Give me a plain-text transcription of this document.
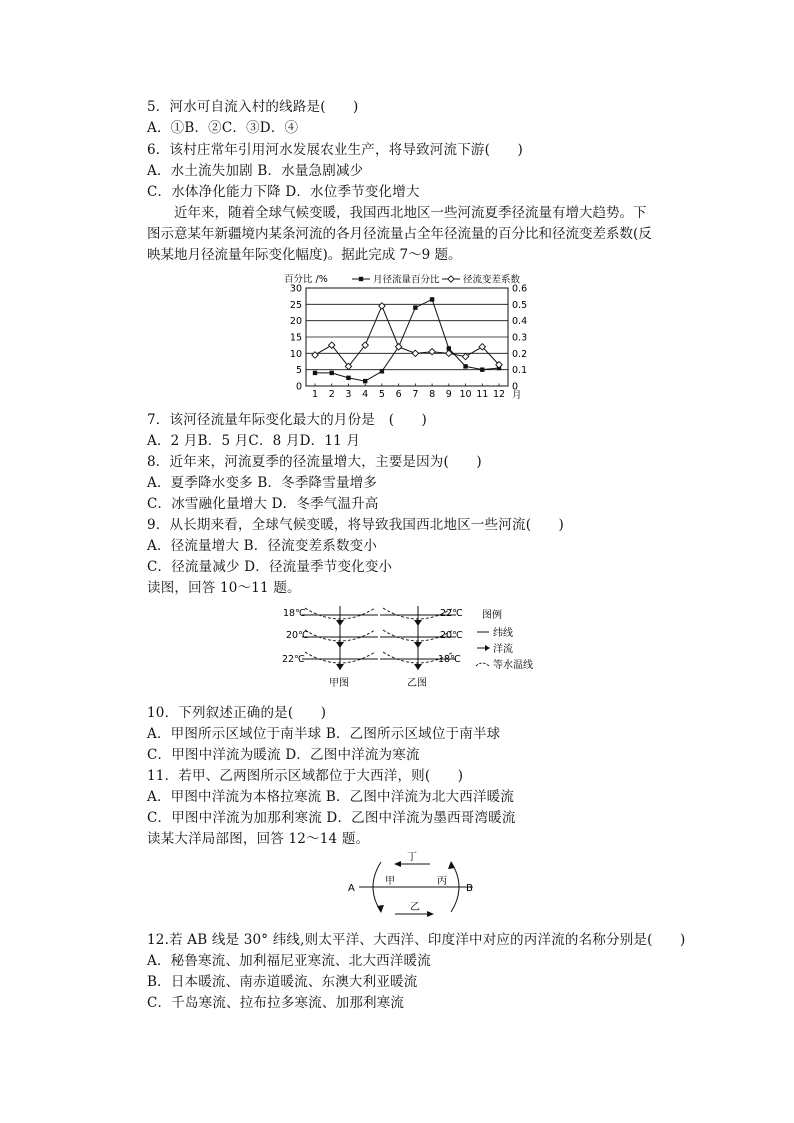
5．河水可自流入村的线路是(　　)
A．①B．②C．③D．④
6．该村庄常年引用河水发展农业生产，将导致河流下游(　　)
A．水土流失加剧 B．水量急剧减少
C．水体净化能力下降 D．水位季节变化增大
近年来，随着全球气候变暖，我国西北地区一些河流夏季径流量有增大趋势。下图示意某年新疆境内某条河流的各月径流量占全年径流量的百分比和径流变差系数(反映某地月径流量年际变化幅度)。据此完成 7～9 题。
0
5
10
15
20
25
30
0
0.1
0.2
0.3
0.4
0.5
0.6
1 2 3 4 5 6 7 8 9 10 11 12 月
百分比 /%	月径流量百分比 径流变差系数
7．该河径流量年际变化最大的月份是　(　　)
A．2 月B．5 月C．8 月D．11 月
8．近年来，河流夏季的径流量增大，主要是因为(　　)
A．夏季降水变多 B．冬季降雪量增多
C．冰雪融化量增大 D．冬季气温升高
9．从长期来看，全球气候变暖，将导致我国西北地区一些河流(　　)
A．径流量增大 B．径流变差系数变小
C．径流量减少 D．径流量季节变化变小
读图，回答 10～11 题。
18℃
20℃
22℃
甲图
22℃
20℃
18℃
乙图
图例
纬线
洋流
等水温线
10．下列叙述正确的是(　　)
A．甲图所示区域位于南半球 B．乙图所示区域位于南半球
C．甲图中洋流为暖流 D．乙图中洋流为寒流
11．若甲、乙两图所示区域都位于大西洋，则(　　)
A．甲图中洋流为本格拉寒流 B．乙图中洋流为北大西洋暖流
C．甲图中洋流为加那利寒流 D．乙图中洋流为墨西哥湾暖流
读某大洋局部图，回答 12～14 题。
A	B
丁
甲	丙
乙
12.若 AB 线是 30° 纬线,则太平洋、大西洋、印度洋中对应的丙洋流的名称分别是(　　)
A．秘鲁寒流、加利福尼亚寒流、北大西洋暖流
B．日本暖流、南赤道暖流、东澳大利亚暖流
C．千岛寒流、拉布拉多寒流、加那利寒流
